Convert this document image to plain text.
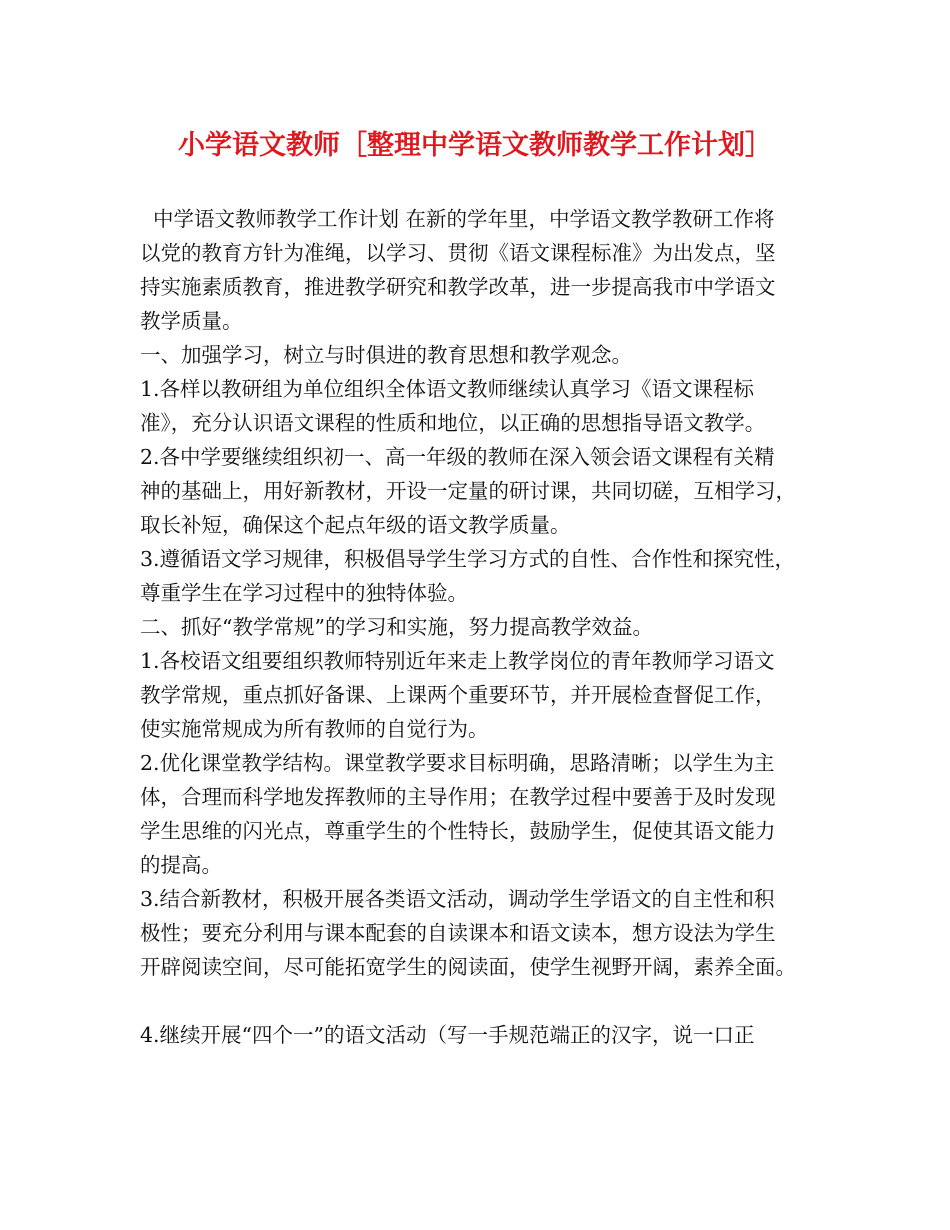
小学语文教师［整理中学语文教师教学工作计划］
中学语文教师教学工作计划 在新的学年里，中学语文教学教研工作将
以党的教育方针为准绳，以学习、贯彻《语文课程标准》为出发点，坚
持实施素质教育，推进教学研究和教学改革，进一步提高我市中学语文
教学质量。
一、加强学习，树立与时俱进的教育思想和教学观念。
1.各样以教研组为单位组织全体语文教师继续认真学习《语文课程标
准》，充分认识语文课程的性质和地位，以正确的思想指导语文教学。
2.各中学要继续组织初一、高一年级的教师在深入领会语文课程有关精
神的基础上，用好新教材，开设一定量的研讨课，共同切磋，互相学习，
取长补短，确保这个起点年级的语文教学质量。
3.遵循语文学习规律，积极倡导学生学习方式的自性、合作性和探究性，
尊重学生在学习过程中的独特体验。
二、抓好“教学常规”的学习和实施，努力提高教学效益。
1.各校语文组要组织教师特别近年来走上教学岗位的青年教师学习语文
教学常规，重点抓好备课、上课两个重要环节，并开展检查督促工作，
使实施常规成为所有教师的自觉行为。
2.优化课堂教学结构。课堂教学要求目标明确，思路清晰；以学生为主
体，合理而科学地发挥教师的主导作用；在教学过程中要善于及时发现
学生思维的闪光点，尊重学生的个性特长，鼓励学生，促使其语文能力
的提高。
3.结合新教材，积极开展各类语文活动，调动学生学语文的自主性和积
极性；要充分利用与课本配套的自读课本和语文读本，想方设法为学生
开辟阅读空间，尽可能拓宽学生的阅读面，使学生视野开阔，素养全面。
4.继续开展“四个一”的语文活动（写一手规范端正的汉字，说一口正
